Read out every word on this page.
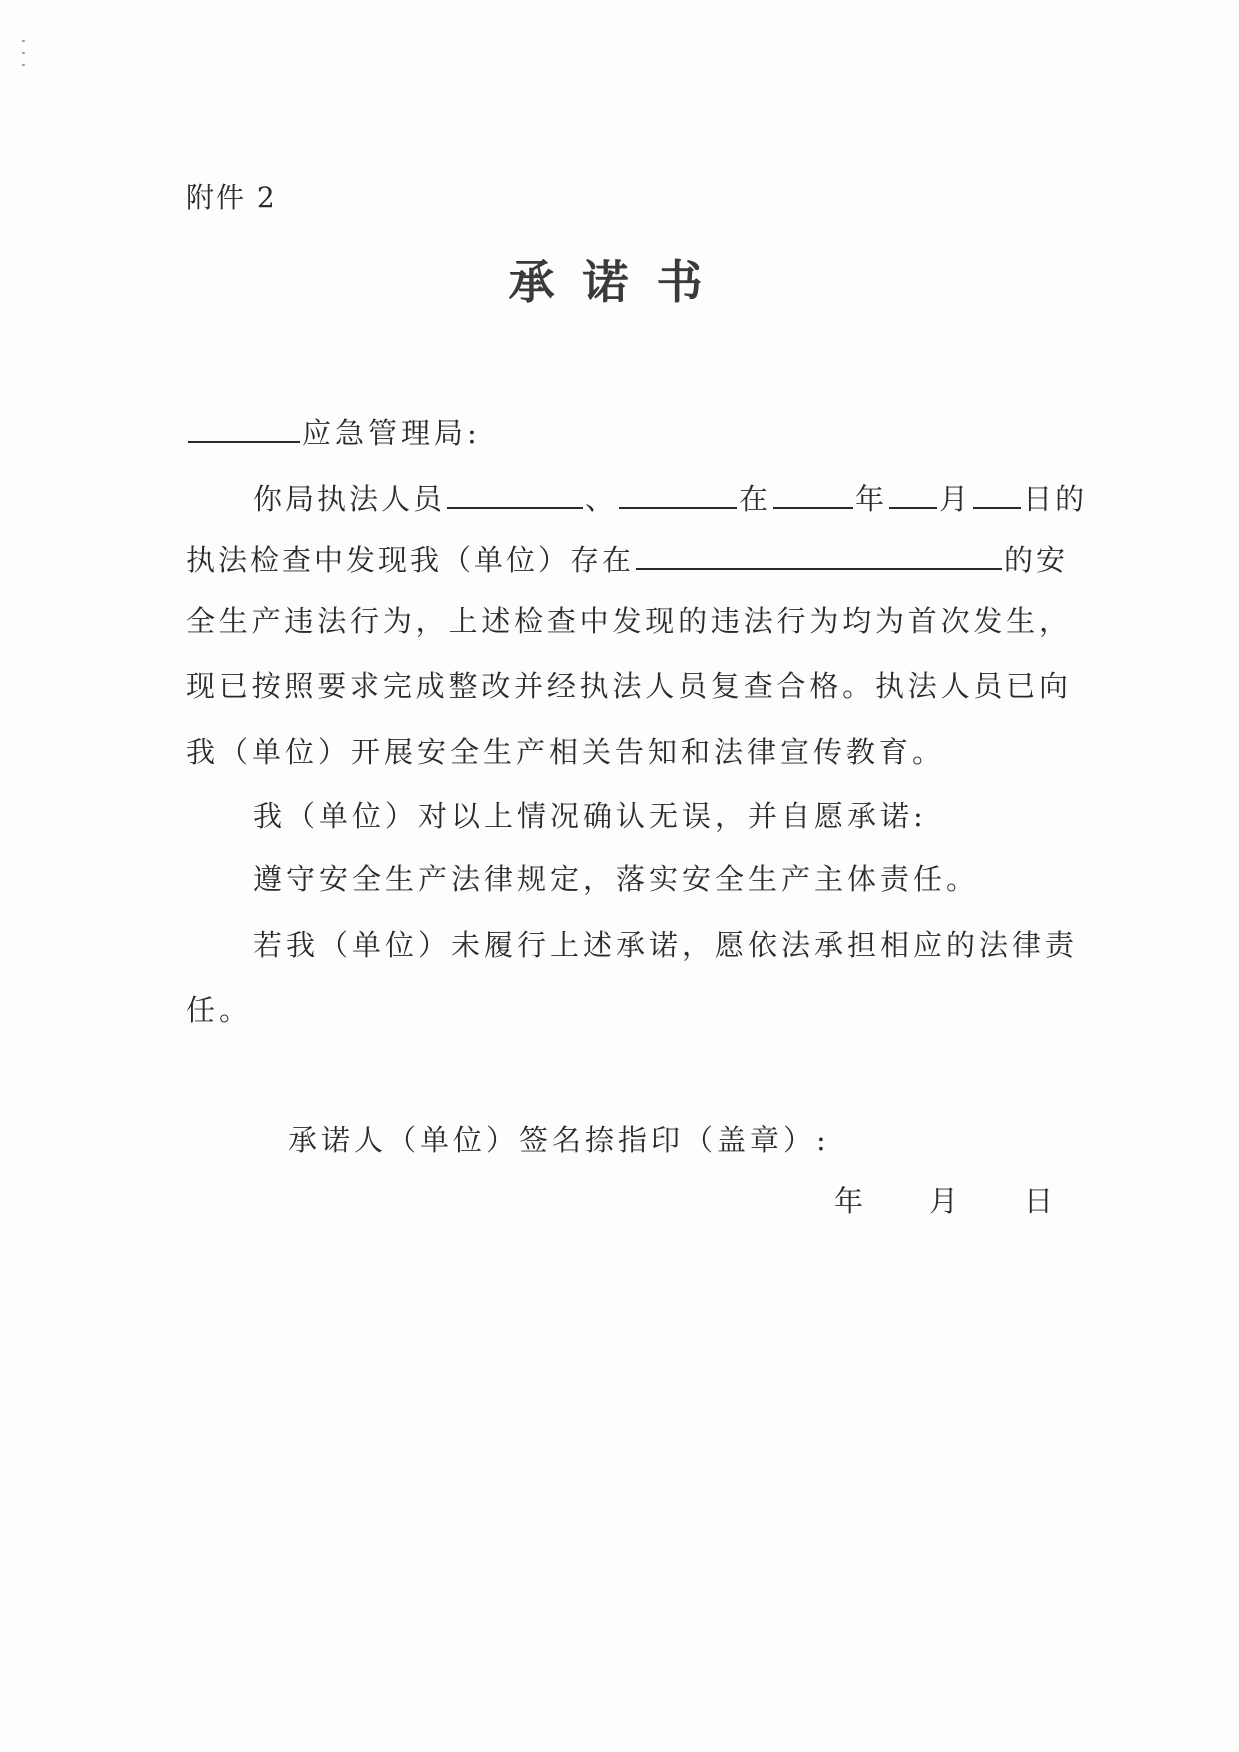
附件 2
承诺书
应急管理局:
你局执法人员	、	在	年 月 日的
执法检查中发现我（单位）存在	的安
全生产违法行为，上述检查中发现的违法行为均为首次发生，
现已按照要求完成整改并经执法人员复查合格。执法人员已向
我（单位）开展安全生产相关告知和法律宣传教育。
我（单位）对以上情况确认无误，并自愿承诺:
遵守安全生产法律规定，落实安全生产主体责任。
若我（单位）未履行上述承诺，愿依法承担相应的法律责
任。
承诺人（单位）签名捺指印（盖章）:
年 月 日
